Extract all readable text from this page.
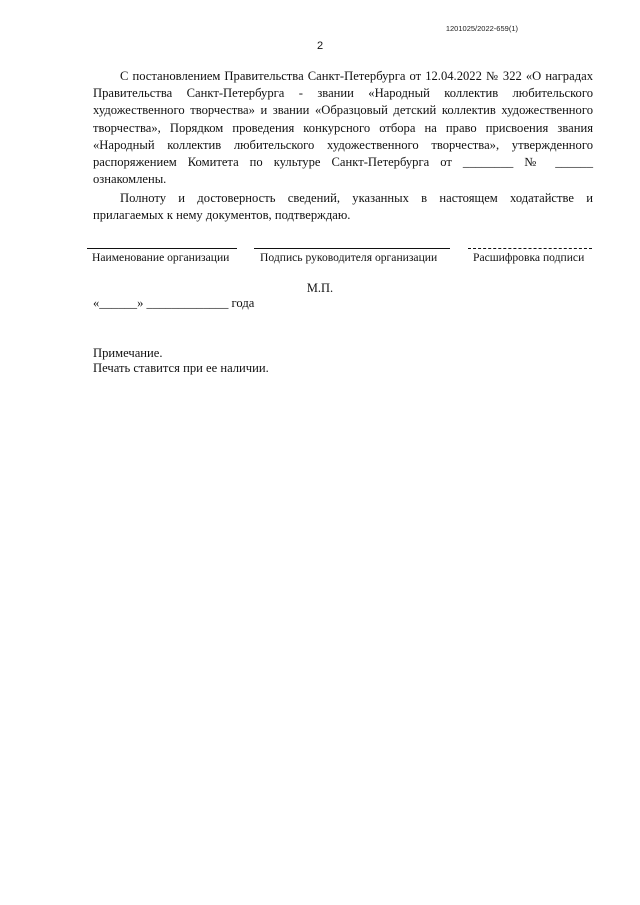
1201025/2022-659(1)
2

С постановлением Правительства Санкт-Петербурга от 12.04.2022 № 322 «О наградах Правительства Санкт-Петербурга - звании «Народный коллектив любительского художественного творчества» и звании «Образцовый детский коллектив художественного творчества», Порядком проведения конкурсного отбора на право присвоения звания «Народный коллектив любительского художественного творчества», утвержденного распоряжением Комитета по культуре Санкт-Петербурга от ________ № ______ ознакомлены.

Полноту и достоверность сведений, указанных в настоящем ходатайстве и прилагаемых к нему документов, подтверждаю.

Наименование организации	Подпись руководителя организации	Расшифровка подписи
М.П.
«______» _____________ года
Примечание.
Печать ставится при ее наличии.
